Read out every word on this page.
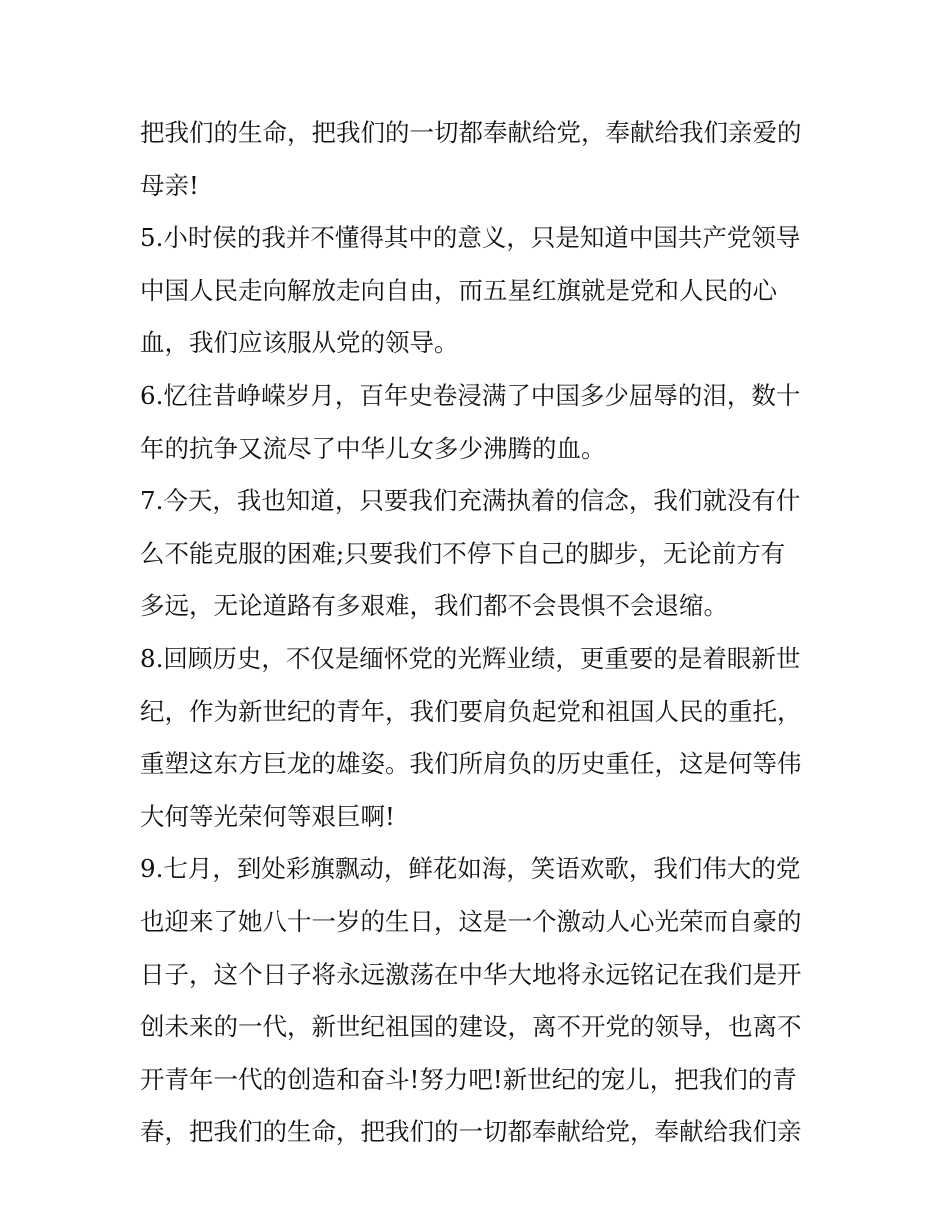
把我们的生命，把我们的一切都奉献给党，奉献给我们亲爱的
母亲!
5.小时侯的我并不懂得其中的意义，只是知道中国共产党领导
中国人民走向解放走向自由，而五星红旗就是党和人民的心
血，我们应该服从党的领导。
6.忆往昔峥嵘岁月，百年史卷浸满了中国多少屈辱的泪，数十
年的抗争又流尽了中华儿女多少沸腾的血。
7.今天，我也知道，只要我们充满执着的信念，我们就没有什
么不能克服的困难;只要我们不停下自己的脚步，无论前方有
多远，无论道路有多艰难，我们都不会畏惧不会退缩。
8.回顾历史，不仅是缅怀党的光辉业绩，更重要的是着眼新世
纪，作为新世纪的青年，我们要肩负起党和祖国人民的重托，
重塑这东方巨龙的雄姿。我们所肩负的历史重任，这是何等伟
大何等光荣何等艰巨啊!
9.七月，到处彩旗飘动，鲜花如海，笑语欢歌，我们伟大的党
也迎来了她八十一岁的生日，这是一个激动人心光荣而自豪的
日子，这个日子将永远激荡在中华大地将永远铭记在我们是开
创未来的一代，新世纪祖国的建设，离不开党的领导，也离不
开青年一代的创造和奋斗!努力吧!新世纪的宠儿，把我们的青
春，把我们的生命，把我们的一切都奉献给党，奉献给我们亲
